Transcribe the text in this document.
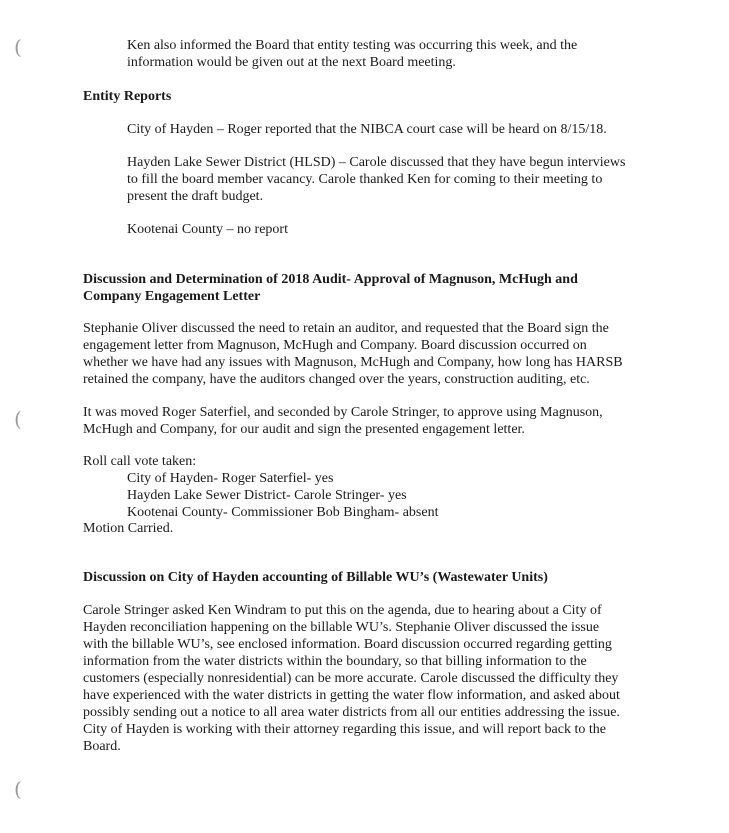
(
(
(
Ken also informed the Board that entity testing was occurring this week, and the
information would be given out at the next Board meeting.
Entity Reports
City of Hayden – Roger reported that the NIBCA court case will be heard on 8/15/18.
Hayden Lake Sewer District (HLSD) – Carole discussed that they have begun interviews
to fill the board member vacancy. Carole thanked Ken for coming to their meeting to
present the draft budget.
Kootenai County – no report
Discussion and Determination of 2018 Audit- Approval of Magnuson, McHugh and
Company Engagement Letter
Stephanie Oliver discussed the need to retain an auditor, and requested that the Board sign the
engagement letter from Magnuson, McHugh and Company. Board discussion occurred on
whether we have had any issues with Magnuson, McHugh and Company, how long has HARSB
retained the company, have the auditors changed over the years, construction auditing, etc.
It was moved Roger Saterfiel, and seconded by Carole Stringer, to approve using Magnuson,
McHugh and Company, for our audit and sign the presented engagement letter.
Roll call vote taken:
City of Hayden- Roger Saterfiel- yes
Hayden Lake Sewer District- Carole Stringer- yes
Kootenai County- Commissioner Bob Bingham- absent
Motion Carried.
Discussion on City of Hayden accounting of Billable WU’s (Wastewater Units)
Carole Stringer asked Ken Windram to put this on the agenda, due to hearing about a City of
Hayden reconciliation happening on the billable WU’s. Stephanie Oliver discussed the issue
with the billable WU’s, see enclosed information. Board discussion occurred regarding getting
information from the water districts within the boundary, so that billing information to the
customers (especially nonresidential) can be more accurate. Carole discussed the difficulty they
have experienced with the water districts in getting the water flow information, and asked about
possibly sending out a notice to all area water districts from all our entities addressing the issue.
City of Hayden is working with their attorney regarding this issue, and will report back to the
Board.
